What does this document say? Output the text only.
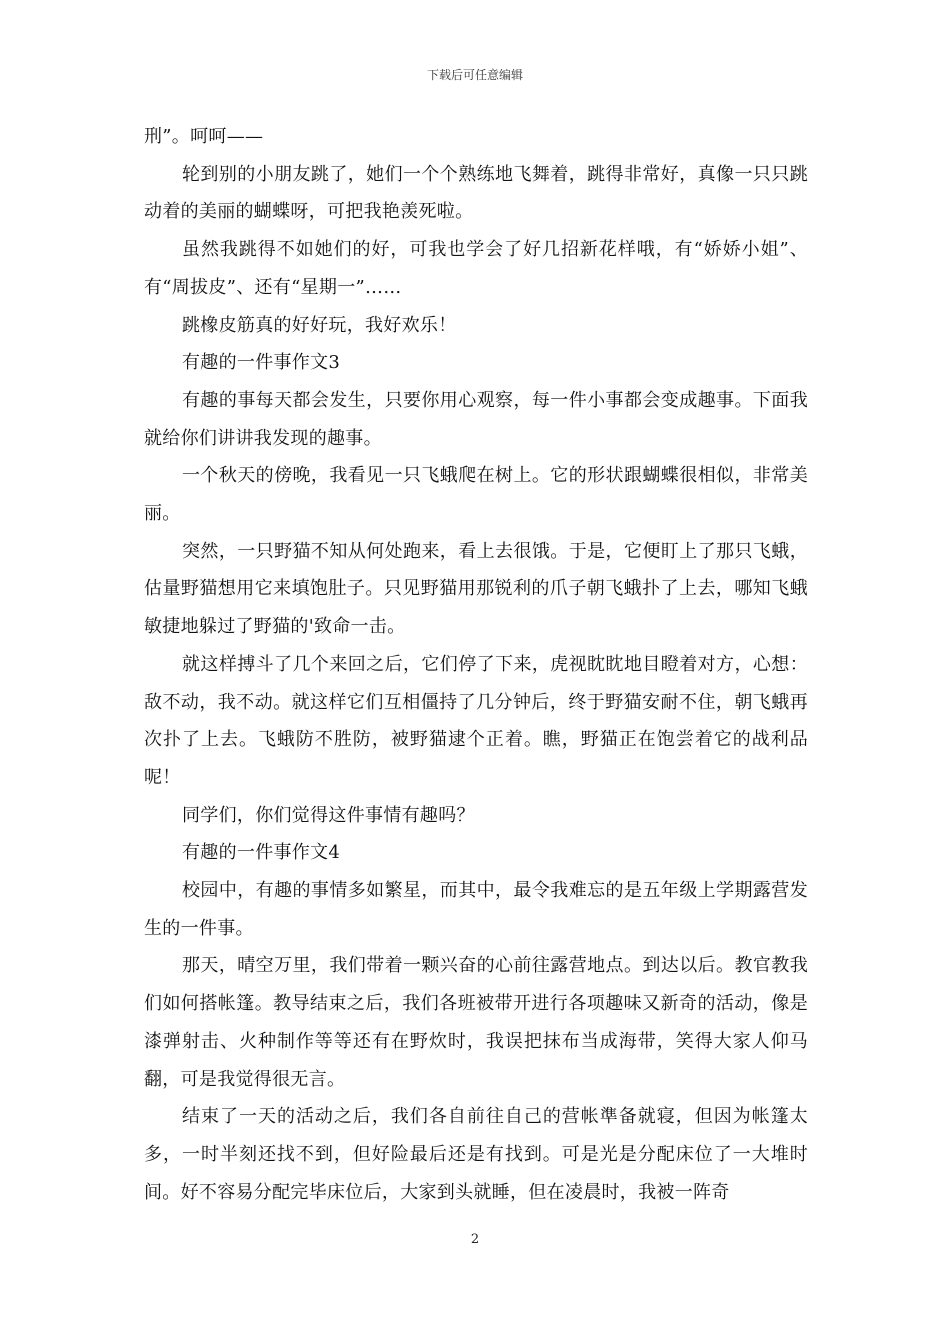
下载后可任意编辑

刑”。呵呵——

轮到别的小朋友跳了，她们一个个熟练地飞舞着，跳得非常好，真像一只只跳动着的美丽的蝴蝶呀，可把我艳羡死啦。

虽然我跳得不如她们的好，可我也学会了好几招新花样哦，有“娇娇小姐”、有“周拔皮”、还有“星期一”……

跳橡皮筋真的好好玩，我好欢乐！

有趣的一件事作文3

有趣的事每天都会发生，只要你用心观察，每一件小事都会变成趣事。下面我就给你们讲讲我发现的趣事。

一个秋天的傍晚，我看见一只飞蛾爬在树上。它的形状跟蝴蝶很相似，非常美丽。

突然，一只野猫不知从何处跑来，看上去很饿。于是，它便盯上了那只飞蛾，估量野猫想用它来填饱肚子。只见野猫用那锐利的爪子朝飞蛾扑了上去，哪知飞蛾敏捷地躲过了野猫的'致命一击。

就这样搏斗了几个来回之后，它们停了下来，虎视眈眈地目瞪着对方，心想：敌不动，我不动。就这样它们互相僵持了几分钟后，终于野猫安耐不住，朝飞蛾再次扑了上去。飞蛾防不胜防，被野猫逮个正着。瞧，野猫正在饱尝着它的战利品呢！

同学们，你们觉得这件事情有趣吗？

有趣的一件事作文4

校园中，有趣的事情多如繁星，而其中，最令我难忘的是五年级上学期露营发生的一件事。

那天，晴空万里，我们带着一颗兴奋的心前往露营地点。到达以后。教官教我们如何搭帐篷。教导结束之后，我们各班被带开进行各项趣味又新奇的活动，像是漆弹射击、火种制作等等还有在野炊时，我误把抹布当成海带，笑得大家人仰马翻，可是我觉得很无言。

结束了一天的活动之后，我们各自前往自己的营帐準备就寝，但因为帐篷太多，一时半刻还找不到，但好险最后还是有找到。可是光是分配床位了一大堆时间。好不容易分配完毕床位后，大家到头就睡，但在凌晨时，我被一阵奇

2
